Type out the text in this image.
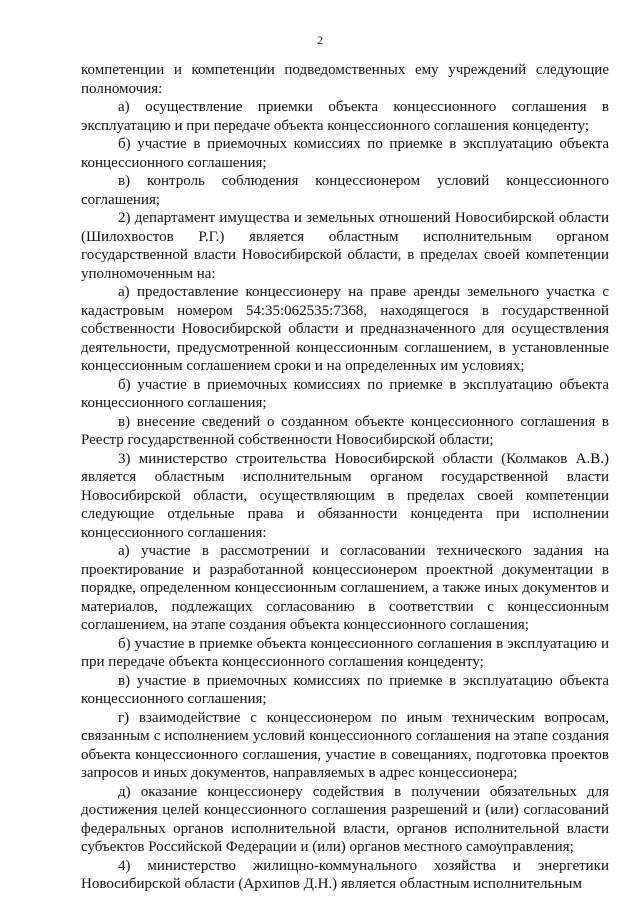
2

компетенции и компетенции подведомственных ему учреждений следующие полномочия:

а) осуществление приемки объекта концессионного соглашения в эксплуатацию и при передаче объекта концессионного соглашения концеденту;

б) участие в приемочных комиссиях по приемке в эксплуатацию объекта концессионного соглашения;

в) контроль соблюдения концессионером условий концессионного соглашения;

2) департамент имущества и земельных отношений Новосибирской области (Шилохвостов Р.Г.) является областным исполнительным органом государственной власти Новосибирской области, в пределах своей компетенции уполномоченным на:

а) предоставление концессионеру на праве аренды земельного участка с кадастровым номером 54:35:062535:7368, находящегося в государственной собственности Новосибирской области и предназначенного для осуществления деятельности, предусмотренной концессионным соглашением, в установленные концессионным соглашением сроки и на определенных им условиях;

б) участие в приемочных комиссиях по приемке в эксплуатацию объекта концессионного соглашения;

в) внесение сведений о созданном объекте концессионного соглашения в Реестр государственной собственности Новосибирской области;

3) министерство строительства Новосибирской области (Колмаков А.В.) является областным исполнительным органом государственной власти Новосибирской области, осуществляющим в пределах своей компетенции следующие отдельные права и обязанности концедента при исполнении концессионного соглашения:

а) участие в рассмотрении и согласовании технического задания на проектирование и разработанной концессионером проектной документации в порядке, определенном концессионным соглашением, а также иных документов и материалов, подлежащих согласованию в соответствии с концессионным соглашением, на этапе создания объекта концессионного соглашения;

б) участие в приемке объекта концессионного соглашения в эксплуатацию и при передаче объекта концессионного соглашения концеденту;

в) участие в приемочных комиссиях по приемке в эксплуатацию объекта концессионного соглашения;

г) взаимодействие с концессионером по иным техническим вопросам, связанным с исполнением условий концессионного соглашения на этапе создания объекта концессионного соглашения, участие в совещаниях, подготовка проектов запросов и иных документов, направляемых в адрес концессионера;

д) оказание концессионеру содействия в получении обязательных для достижения целей концессионного соглашения разрешений и (или) согласований федеральных органов исполнительной власти, органов исполнительной власти субъектов Российской Федерации и (или) органов местного самоуправления;

4) министерство жилищно-коммунального хозяйства и энергетики Новосибирской области (Архипов Д.Н.) является областным исполнительным
